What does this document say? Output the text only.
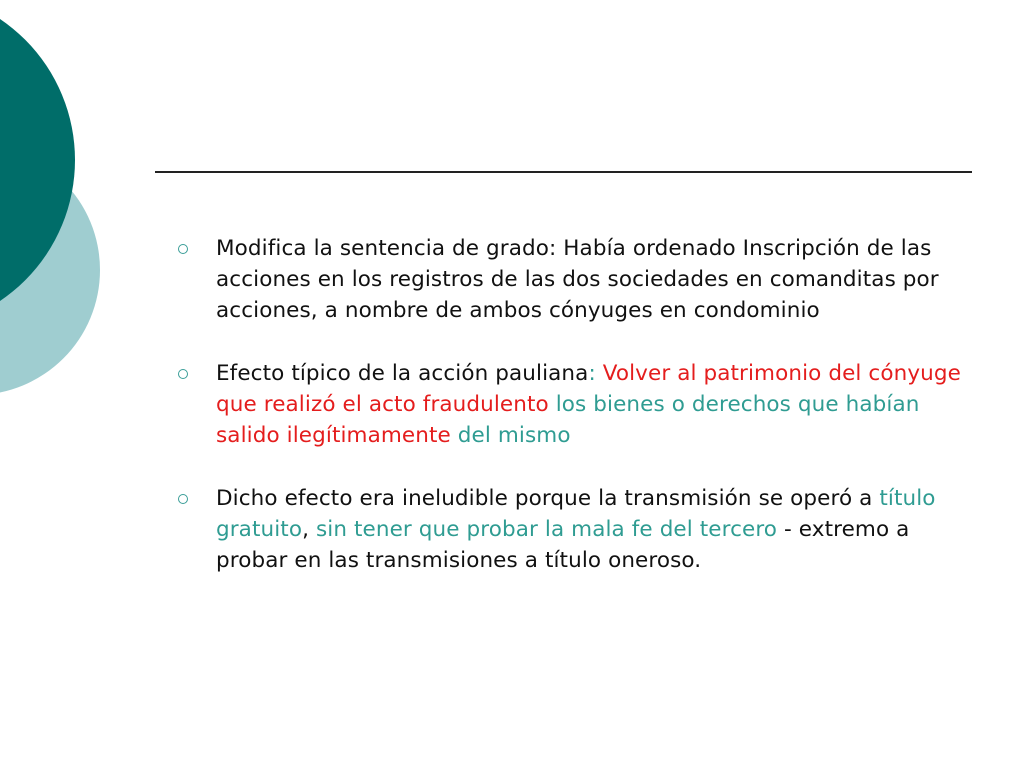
Modifica la sentencia de grado: Había ordenado Inscripción de las acciones en los registros de las dos sociedades en comanditas por acciones, a nombre de ambos cónyuges en condominio
Efecto típico de la acción pauliana: Volver al patrimonio del cónyuge que realizó el acto fraudulento los bienes o derechos que habían salido ilegítimamente del mismo
Dicho efecto era ineludible porque la transmisión se operó a título gratuito, sin tener que probar la mala fe del tercero - extremo a probar en las transmisiones a título oneroso.
